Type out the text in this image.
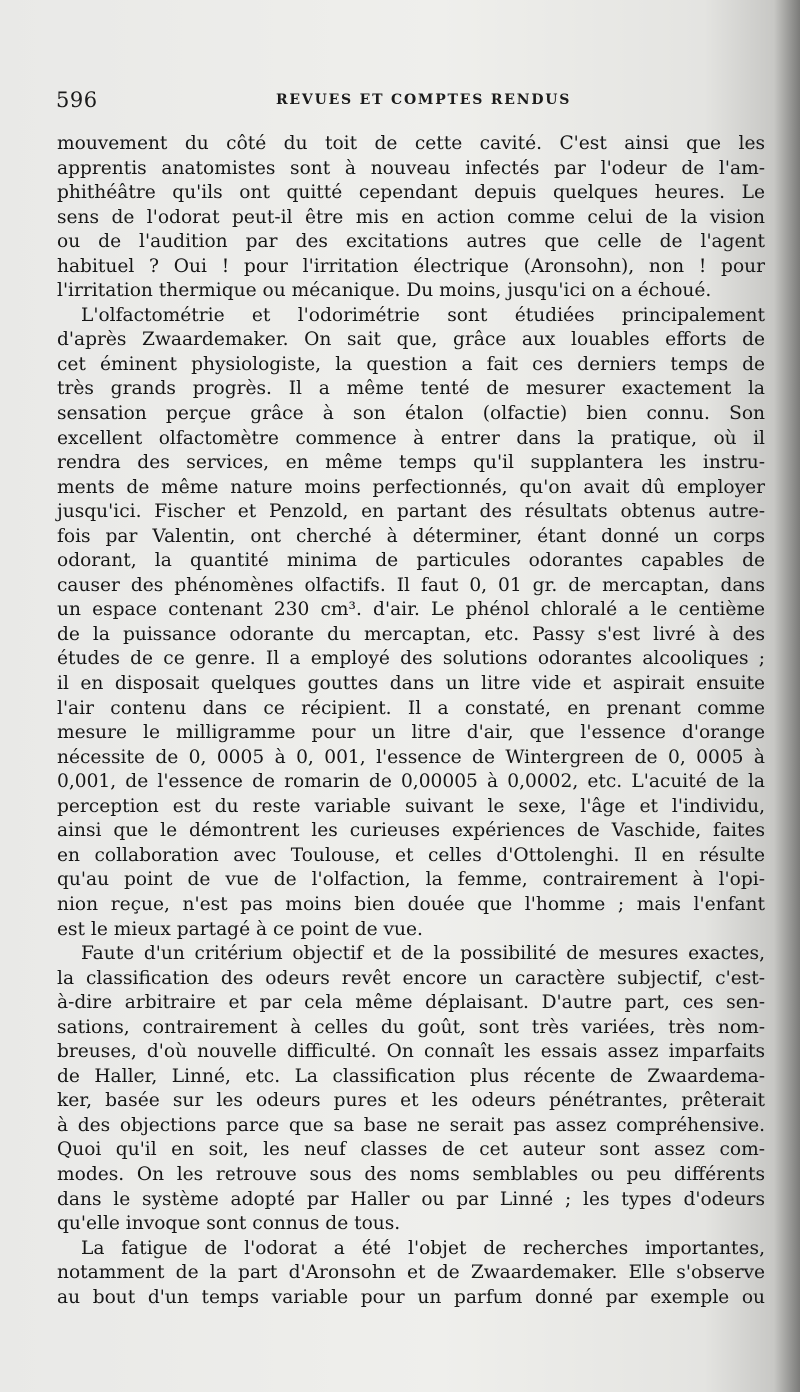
596	REVUES ET COMPTES RENDUS

mouvement du côté du toit de cette cavité. C'est ainsi que les

apprentis anatomistes sont à nouveau infectés par l'odeur de l'am-

phithéâtre qu'ils ont quitté cependant depuis quelques heures. Le

sens de l'odorat peut-il être mis en action comme celui de la vision

ou de l'audition par des excitations autres que celle de l'agent

habituel ? Oui ! pour l'irritation électrique (Aronsohn), non ! pour

l'irritation thermique ou mécanique. Du moins, jusqu'ici on a échoué.

L'olfactométrie et l'odorimétrie sont étudiées principalement

d'après Zwaardemaker. On sait que, grâce aux louables efforts de

cet éminent physiologiste, la question a fait ces derniers temps de

très grands progrès. Il a même tenté de mesurer exactement la

sensation perçue grâce à son étalon (olfactie) bien connu. Son

excellent olfactomètre commence à entrer dans la pratique, où il

rendra des services, en même temps qu'il supplantera les instru-

ments de même nature moins perfectionnés, qu'on avait dû employer

jusqu'ici. Fischer et Penzold, en partant des résultats obtenus autre-

fois par Valentin, ont cherché à déterminer, étant donné un corps

odorant, la quantité minima de particules odorantes capables de

causer des phénomènes olfactifs. Il faut 0, 01 gr. de mercaptan, dans

un espace contenant 230 cm³. d'air. Le phénol chloralé a le centième

de la puissance odorante du mercaptan, etc. Passy s'est livré à des

études de ce genre. Il a employé des solutions odorantes alcooliques ;

il en disposait quelques gouttes dans un litre vide et aspirait ensuite

l'air contenu dans ce récipient. Il a constaté, en prenant comme

mesure le milligramme pour un litre d'air, que l'essence d'orange

nécessite de 0, 0005 à 0, 001, l'essence de Wintergreen de 0, 0005 à

0,001, de l'essence de romarin de 0,00005 à 0,0002, etc. L'acuité de la

perception est du reste variable suivant le sexe, l'âge et l'individu,

ainsi que le démontrent les curieuses expériences de Vaschide, faites

en collaboration avec Toulouse, et celles d'Ottolenghi. Il en résulte

qu'au point de vue de l'olfaction, la femme, contrairement à l'opi-

nion reçue, n'est pas moins bien douée que l'homme ; mais l'enfant

est le mieux partagé à ce point de vue.

Faute d'un critérium objectif et de la possibilité de mesures exactes,

la classification des odeurs revêt encore un caractère subjectif, c'est-

à-dire arbitraire et par cela même déplaisant. D'autre part, ces sen-

sations, contrairement à celles du goût, sont très variées, très nom-

breuses, d'où nouvelle difficulté. On connaît les essais assez imparfaits

de Haller, Linné, etc. La classification plus récente de Zwaardema-

ker, basée sur les odeurs pures et les odeurs pénétrantes, prêterait

à des objections parce que sa base ne serait pas assez compréhensive.

Quoi qu'il en soit, les neuf classes de cet auteur sont assez com-

modes. On les retrouve sous des noms semblables ou peu différents

dans le système adopté par Haller ou par Linné ; les types d'odeurs

qu'elle invoque sont connus de tous.

La fatigue de l'odorat a été l'objet de recherches importantes,

notamment de la part d'Aronsohn et de Zwaardemaker. Elle s'observe

au bout d'un temps variable pour un parfum donné par exemple ou
